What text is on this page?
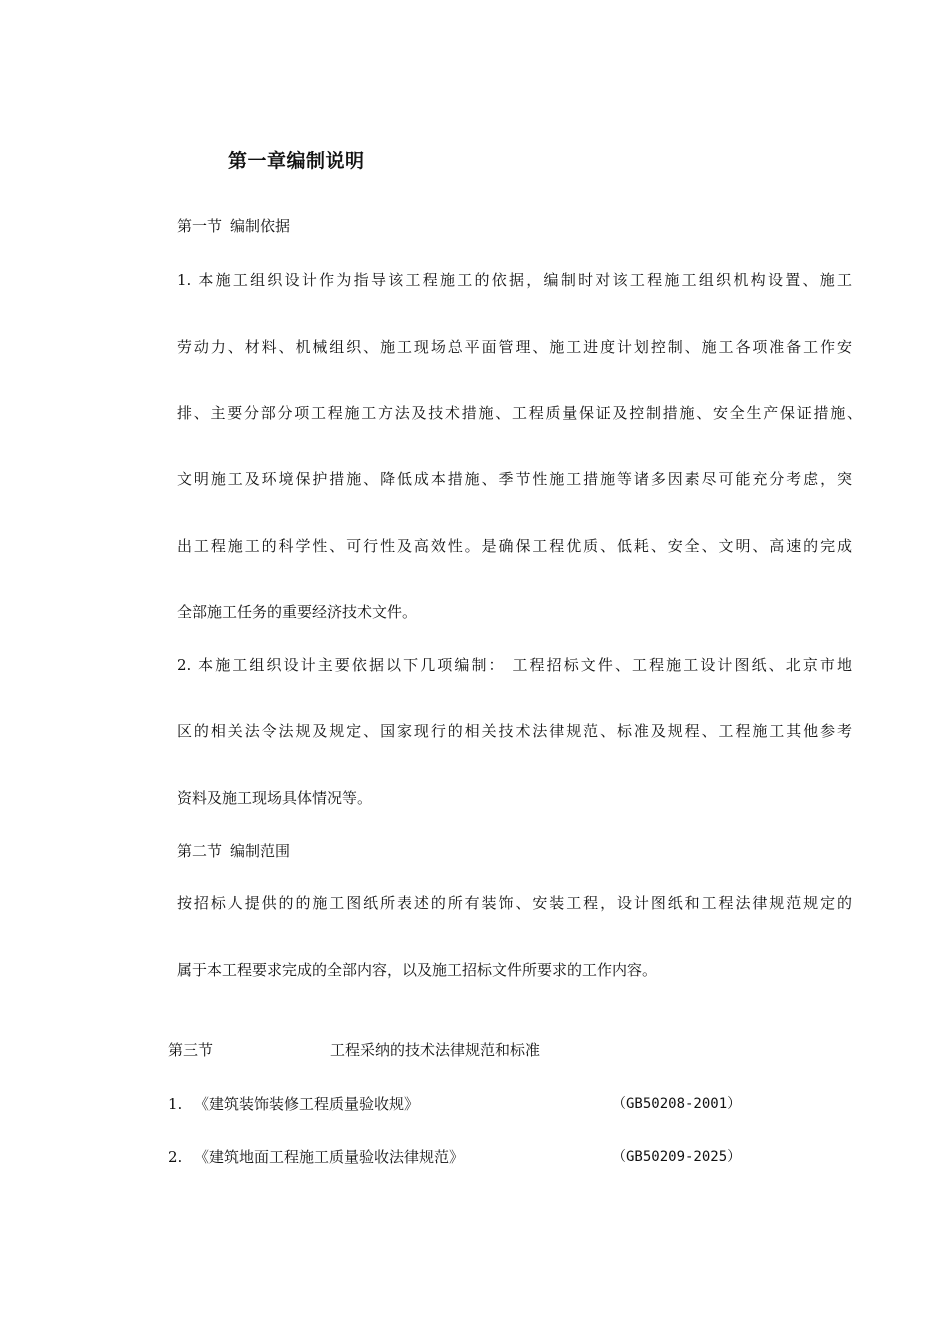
第一章编制说明
第一节 编制依据
1. 本施工组织设计作为指导该工程施工的依据，编制时对该工程施工组织机构设置、施工
劳动力、材料、机械组织、施工现场总平面管理、施工进度计划控制、施工各项准备工作安
排、主要分部分项工程施工方法及技术措施、工程质量保证及控制措施、安全生产保证措施、
文明施工及环境保护措施、降低成本措施、季节性施工措施等诸多因素尽可能充分考虑，突
出工程施工的科学性、可行性及高效性。是确保工程优质、低耗、安全、文明、高速的完成
全部施工任务的重要经济技术文件。
2. 本施工组织设计主要依据以下几项编制： 工程招标文件、工程施工设计图纸、北京市地
区的相关法令法规及规定、国家现行的相关技术法律规范、标准及规程、工程施工其他参考
资料及施工现场具体情况等。
第二节 编制范围
按招标人提供的的施工图纸所表述的所有装饰、安装工程，设计图纸和工程法律规范规定的
属于本工程要求完成的全部内容，以及施工招标文件所要求的工作内容。
第三节	工程采纳的技术法律规范和标准
1. 《建筑装饰装修工程质量验收规》	（GB50208-2001）
2. 《建筑地面工程施工质量验收法律规范》	（GB50209-2025）
